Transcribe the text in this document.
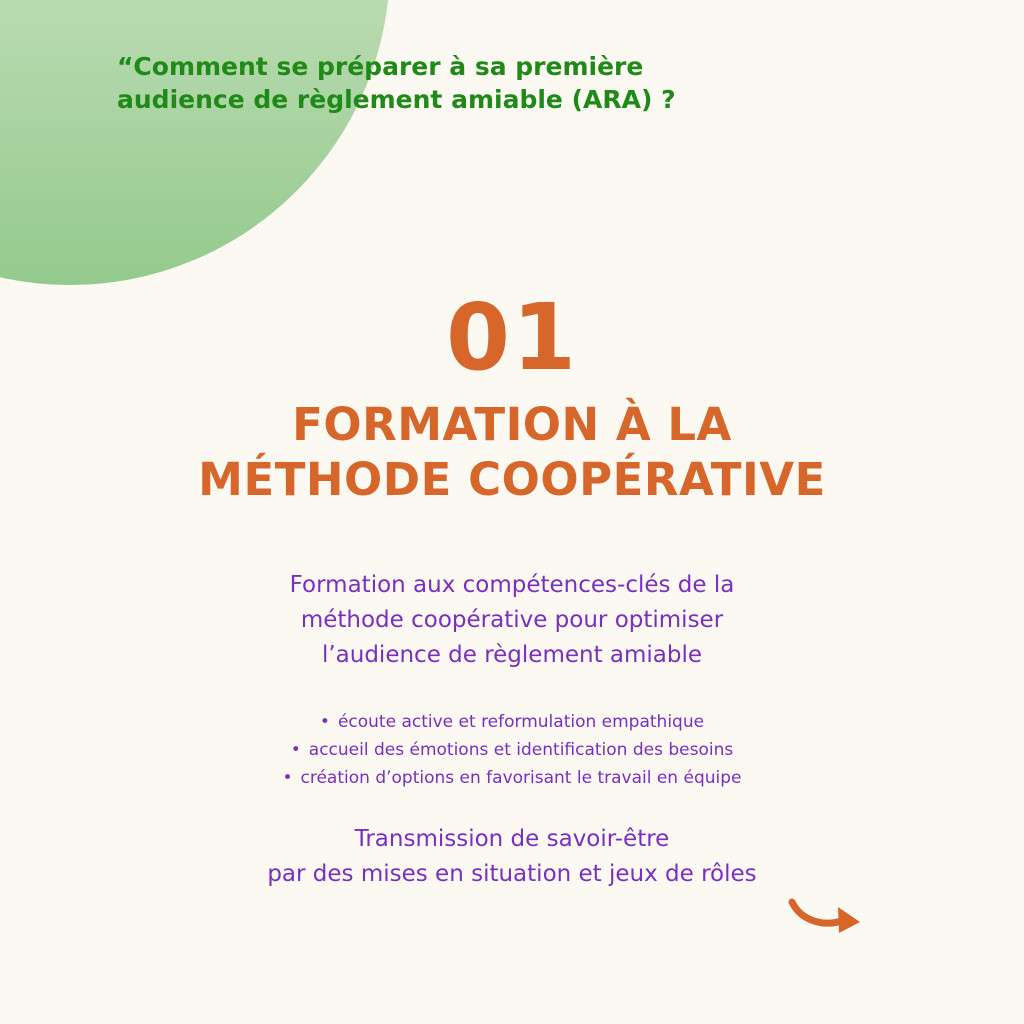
“Comment se préparer à sa première
audience de règlement amiable (ARA) ?
01
FORMATION À LA
MÉTHODE COOPÉRATIVE
Formation aux compétences-clés de la
méthode coopérative pour optimiser
l’audience de règlement amiable
• écoute active et reformulation empathique
• accueil des émotions et identification des besoins
• création d’options en favorisant le travail en équipe
Transmission de savoir-être
par des mises en situation et jeux de rôles
